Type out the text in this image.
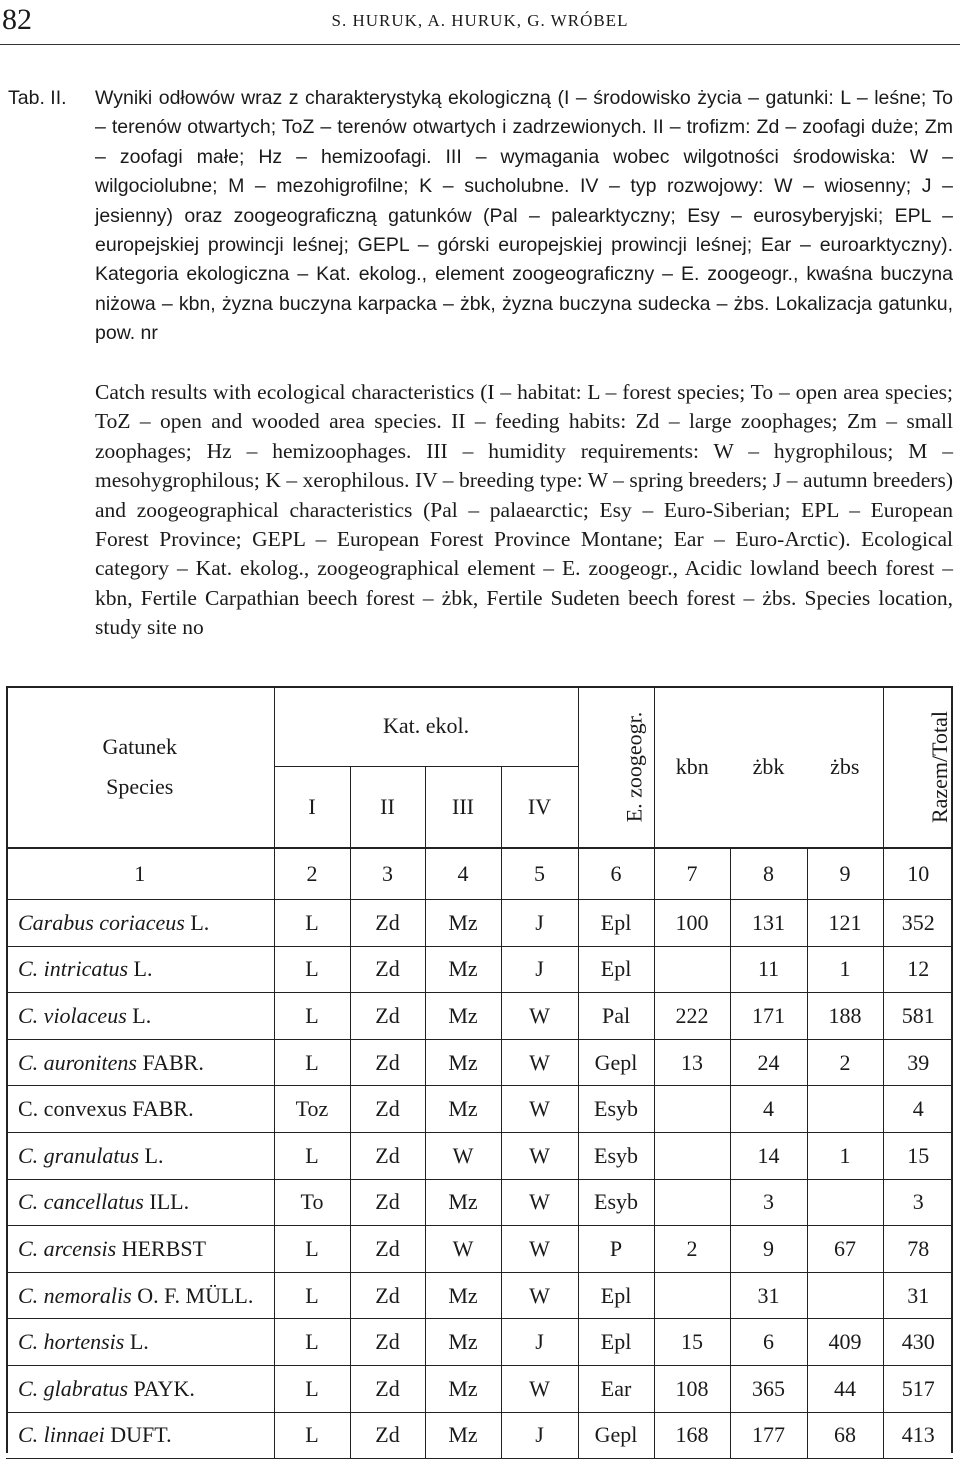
82	S. HURUK, A. HURUK, G. WRÓBEL
Tab. II.	Wyniki odłowów wraz z charakterystyką ekologiczną (I – środowisko życia – gatunki: L – leśne; To – terenów otwartych; ToZ – terenów otwartych i zadrzewionych. II – trofizm: Zd – zoofagi duże; Zm – zoofagi małe; Hz – hemizoofagi. III – wymagania wobec wilgotności środowiska: W – wilgociolubne; M – mezohigrofilne; K – sucholubne. IV – typ rozwojowy: W – wiosenny; J – jesienny) oraz zoogeograficzną gatunków (Pal – palearktyczny; Esy – eurosyberyjski; EPL – europejskiej prowincji leśnej; GEPL – górski europejskiej prowincji leśnej; Ear – euroarktyczny). Kategoria ekologiczna – Kat. ekolog., element zoogeograficzny – E. zoogeogr., kwaśna buczyna niżowa – kbn, żyzna buczyna karpacka – żbk, żyzna buczyna sudecka – żbs. Lokalizacja gatunku, pow. nr
Catch results with ecological characteristics (I – habitat: L – forest species; To – open area species; ToZ – open and wooded area species. II – feeding habits: Zd – large zoophages; Zm – small zoophages; Hz – hemizoophages. III – humidity requirements: W – hygrophilous; M – mesohygrophilous; K – xerophilous. IV – breeding type: W – spring breeders; J – autumn breeders) and zoogeographical characteristics (Pal – palaearctic; Esy – Euro-Siberian; EPL – European Forest Province; GEPL – European Forest Province Montane; Ear – Euro-Arctic). Ecological category – Kat. ekolog., zoogeographical element – E. zoogeogr., Acidic lowland beech forest – kbn, Fertile Carpathian beech forest – żbk, Fertile Sudeten beech forest – żbs. Species location, study site no
Gatunek
Species	Kat. ekol.				E. zoogeogr.	kbn	żbk	żbs	Razem/Total
	I	II	III	IV					
1	2	3	4	5	6	7	8	9	10
Carabus coriaceus L.	L	Zd	Mz	J	Epl	100	131	121	352
C. intricatus L.	L	Zd	Mz	J	Epl		11	1	12
C. violaceus L.	L	Zd	Mz	W	Pal	222	171	188	581
C. auronitens FABR.	L	Zd	Mz	W	Gepl	13	24	2	39
C. convexus FABR.	Toz	Zd	Mz	W	Esyb		4		4
C. granulatus L.	L	Zd	W	W	Esyb		14	1	15
C. cancellatus ILL.	To	Zd	Mz	W	Esyb		3		3
C. arcensis HERBST	L	Zd	W	W	P	2	9	67	78
C. nemoralis O. F. MÜLL.	L	Zd	Mz	W	Epl		31		31
C. hortensis L.	L	Zd	Mz	J	Epl	15	6	409	430
C. glabratus PAYK.	L	Zd	Mz	W	Ear	108	365	44	517
C. linnaei DUFT.	L	Zd	Mz	J	Gepl	168	177	68	413
